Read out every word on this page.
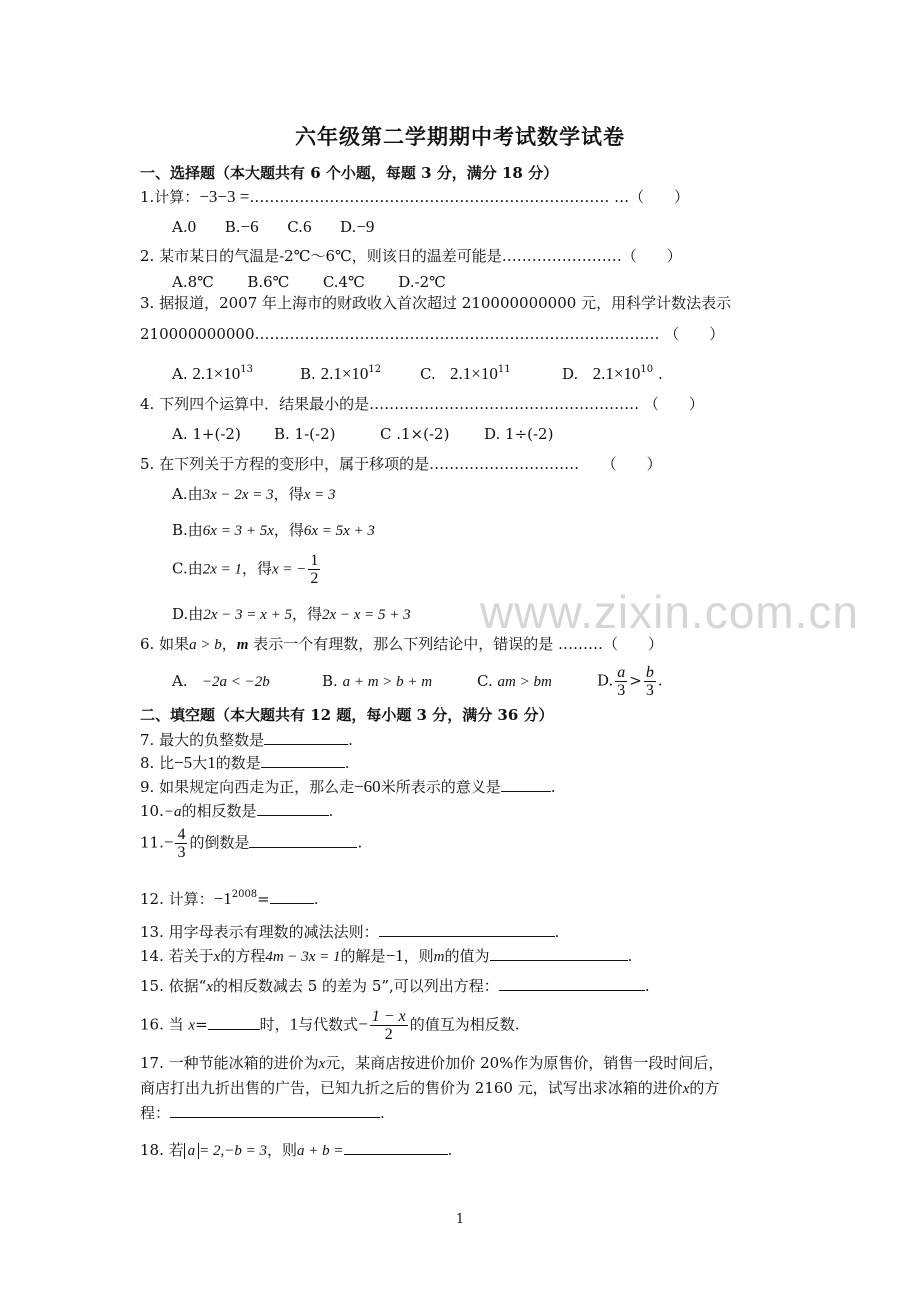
六年级第二学期期中考试数学试卷
一、选择题（本大题共有 6 个小题，每题 3 分，满分 18 分）
1.计算：−3−3 =……………………………………………………………… …（　　）
A.0 B.−6 C.6 D.−9
2. 某市某日的气温是-2℃～6℃，则该日的温差可能是……………………（　　）
A.8℃ B.6℃ C.4℃ D.-2℃
3. 据报道，2007 年上海市的财政收入首次超过 210000000000 元，用科学计数法表示
210000000000……………………………………………………………………… （　　）
A. $2.1\times 10^{13}$	B. $2.1\times 10^{12}$	C. $2.1\times 10^{11}$	D. $2.1\times 10^{10}$ .
4. 下列四个运算中．结果最小的是……………………………………………… （　　）
A. 1+(-2) B. 1-(-2)	C .1×(-2) D. 1÷(-2)
5. 在下列关于方程的变形中，属于移项的是…………………………　　（　　）
A.由3x − 2x = 3，得x = 3
B.由6x = 3 + 5x，得6x = 5x + 3
C.由2x = 1，得x = − $\frac{1}{2}$
D.由2x − 3 = x + 5，得2x − x = 5 + 3
6. 如果a > b，m 表示一个有理数，那么下列结论中，错误的是 ………（　　）
A. −2a < −2b	B. a + m > b + m	C. am > bm	D. $\frac{a}{3} > \frac{b}{3}$ .
二、填空题（本大题共有 12 题，每小题 3 分，满分 36 分）
7. 最大的负整数是	.
8. 比−5大1的数是	.
9. 如果规定向西走为正，那么走−60米所表示的意义是	.
10.−a的相反数是	.
$11.- \frac{4}{3}$ 的倒数是	.
12. 计算：$-1^{2008}=$	.
13. 用字母表示有理数的减法法则：	.
14. 若关于x的方程4m − 3x = 1的解是−1，则m的值为	.
15. 依据“x的相反数减去 5 的差为 5”,可以列出方程：	.
16. 当 x=	时，1与代数式− $\frac{1 - x}{2}$ 的值互为相反数.
17. 一种节能冰箱的进价为x元，某商店按进价加价 20%作为原售价，销售一段时间后，
商店打出九折出售的广告，已知九折之后的售价为 2160 元，试写出求冰箱的进价x的方
程：	.
18. 若 a = 2,−b = 3，则a + b =	.
www.zixin.com.cn
1
